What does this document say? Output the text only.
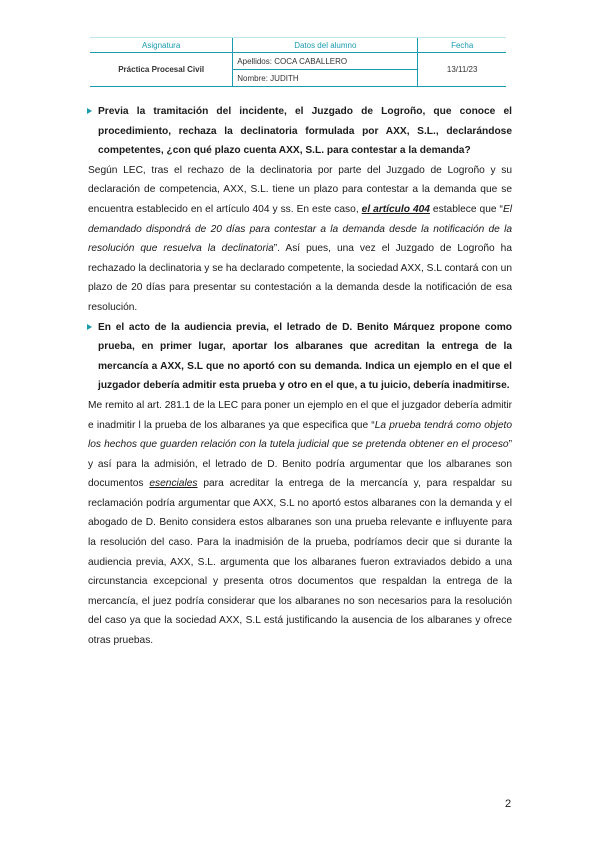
Asignatura	Datos del alumno	Fecha
Práctica Procesal Civil	Apellidos: COCA CABALLERO	13/11/23
	Nombre: JUDITH	

Previa la tramitación del incidente, el Juzgado de Logroño, que conoce el procedimiento, rechaza la declinatoria formulada por AXX, S.L., declarándose competentes, ¿con qué plazo cuenta AXX, S.L. para contestar a la demanda?

Según LEC, tras el rechazo de la declinatoria por parte del Juzgado de Logroño y su declaración de competencia, AXX, S.L. tiene un plazo para contestar a la demanda que se encuentra establecido en el artículo 404 y ss. En este caso, el artículo 404 establece que “El demandado dispondrá de 20 días para contestar a la demanda desde la notificación de la resolución que resuelva la declinatoria”. Así pues, una vez el Juzgado de Logroño ha rechazado la declinatoria y se ha declarado competente, la sociedad AXX, S.L contará con un plazo de 20 días para presentar su contestación a la demanda desde la notificación de esa resolución.

En el acto de la audiencia previa, el letrado de D. Benito Márquez propone como prueba, en primer lugar, aportar los albaranes que acreditan la entrega de la mercancía a AXX, S.L que no aportó con su demanda. Indica un ejemplo en el que el juzgador debería admitir esta prueba y otro en el que, a tu juicio, debería inadmitirse.

Me remito al art. 281.1 de la LEC para poner un ejemplo en el que el juzgador debería admitir e inadmitir l la prueba de los albaranes ya que especifica que “La prueba tendrá como objeto los hechos que guarden relación con la tutela judicial que se pretenda obtener en el proceso” y así para la admisión, el letrado de D. Benito podría argumentar que los albaranes son documentos esenciales para acreditar la entrega de la mercancía y, para respaldar su reclamación podría argumentar que AXX, S.L no aportó estos albaranes con la demanda y el abogado de D. Benito considera estos albaranes son una prueba relevante e influyente para la resolución del caso. Para la inadmisión de la prueba, podríamos decir que si durante la audiencia previa, AXX, S.L. argumenta que los albaranes fueron extraviados debido a una circunstancia excepcional y presenta otros documentos que respaldan la entrega de la mercancía, el juez podría considerar que los albaranes no son necesarios para la resolución del caso ya que la sociedad AXX, S.L está justificando la ausencia de los albaranes y ofrece otras pruebas.

2
